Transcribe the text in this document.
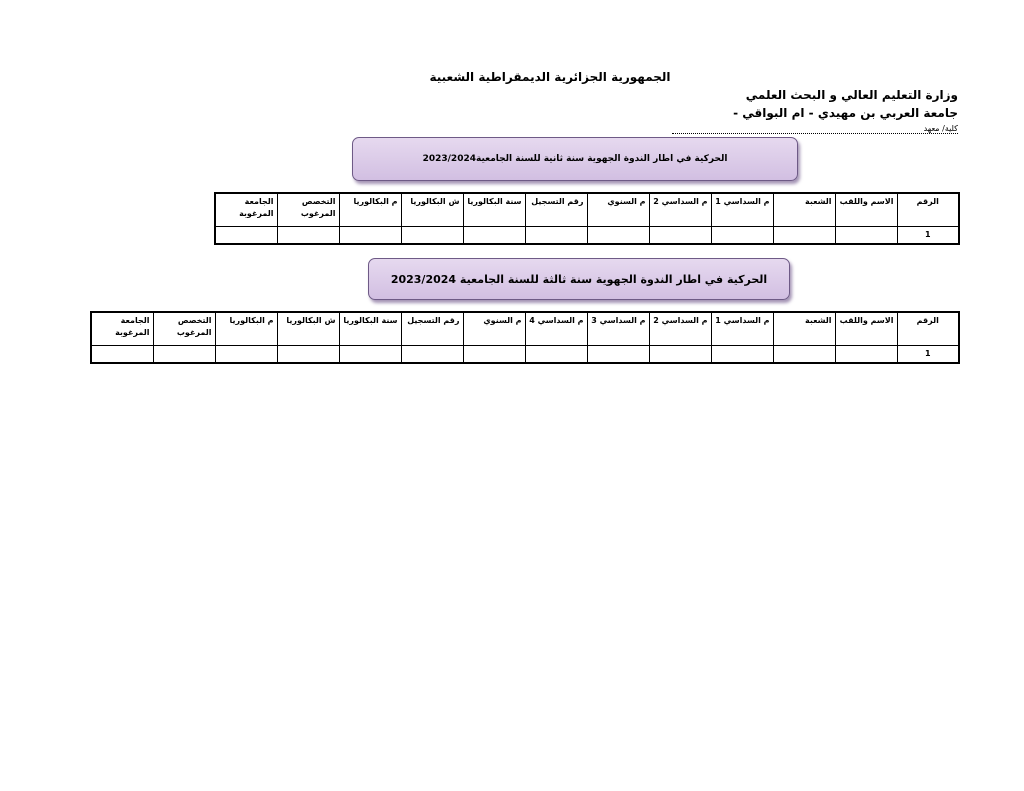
الجمهورية الجزائرية الديمقراطية الشعبية
وزارة التعليم العالي و البحث العلمي
جامعة العربي بن مهيدي - ام البواقي -
كلية/ معهد
الحركية في اطار الندوة الجهوية سنة ثانية للسنة الجامعية2023/2024
الرقم	الاسم واللقب	الشعبة	م السداسي 1	م السداسي 2	م السنوي	رقم التسجيل	سنة البكالوريا	ش البكالوريا	م البكالوريا	التخصص المرغوب	الجامعة المرغوبة
1											
الحركية في اطار الندوة الجهوية سنة ثالثة للسنة الجامعية 2023/2024
الرقم	الاسم واللقب	الشعبة	م السداسي 1	م السداسي 2	م السداسي 3	م السداسي 4	م السنوي	رقم التسجيل	سنة البكالوريا	ش البكالوريا	م البكالوريا	التخصص المرغوب	الجامعة المرغوبة
1													
